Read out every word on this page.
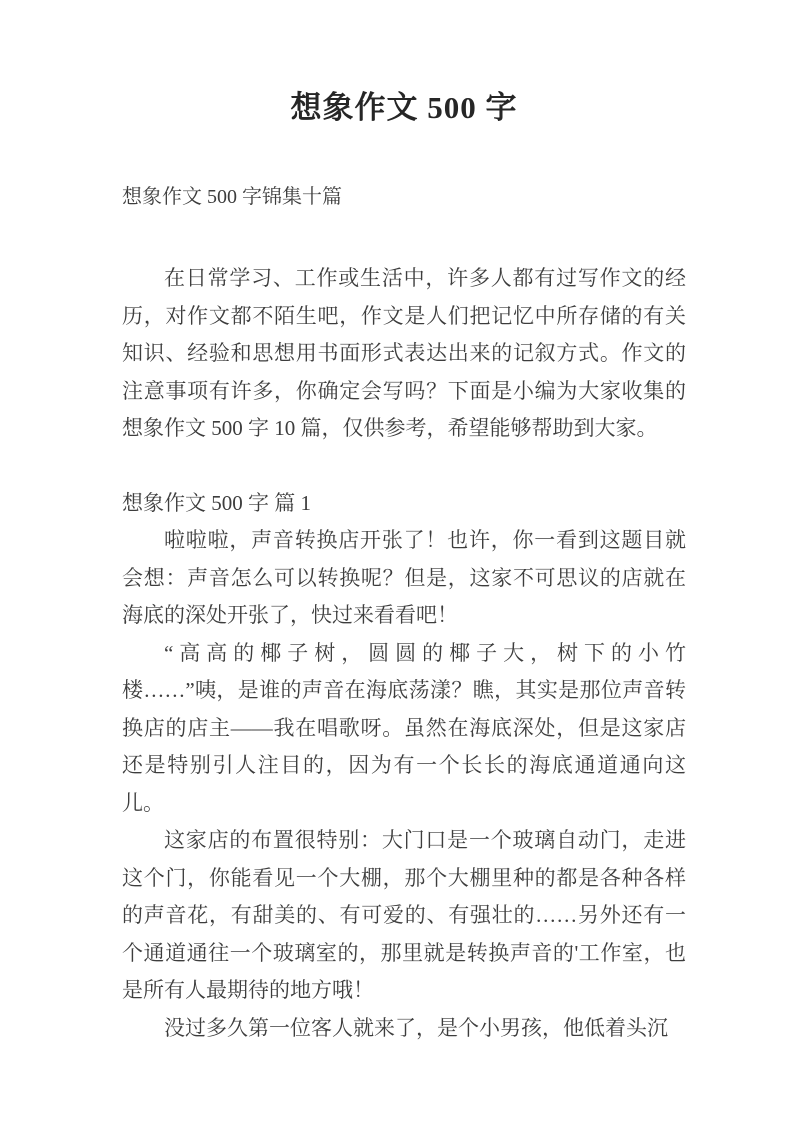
想象作文 500 字

想象作文 500 字锦集十篇

在日常学习、工作或生活中，许多人都有过写作文的经历，对作文都不陌生吧，作文是人们把记忆中所存储的有关知识、经验和思想用书面形式表达出来的记叙方式。作文的注意事项有许多，你确定会写吗？下面是小编为大家收集的想象作文 500 字 10 篇，仅供参考，希望能够帮助到大家。

想象作文 500 字 篇 1

啦啦啦，声音转换店开张了！也许，你一看到这题目就会想：声音怎么可以转换呢？但是，这家不可思议的店就在海底的深处开张了，快过来看看吧！

“高高的椰子树，圆圆的椰子大，树下的小竹楼……”咦，是谁的声音在海底荡漾？瞧，其实是那位声音转换店的店主——我在唱歌呀。虽然在海底深处，但是这家店还是特别引人注目的，因为有一个长长的海底通道通向这儿。

这家店的布置很特别：大门口是一个玻璃自动门，走进这个门，你能看见一个大棚，那个大棚里种的都是各种各样的声音花，有甜美的、有可爱的、有强壮的……另外还有一个通道通往一个玻璃室的，那里就是转换声音的'工作室，也是所有人最期待的地方哦！

没过多久第一位客人就来了，是个小男孩，他低着头沉
